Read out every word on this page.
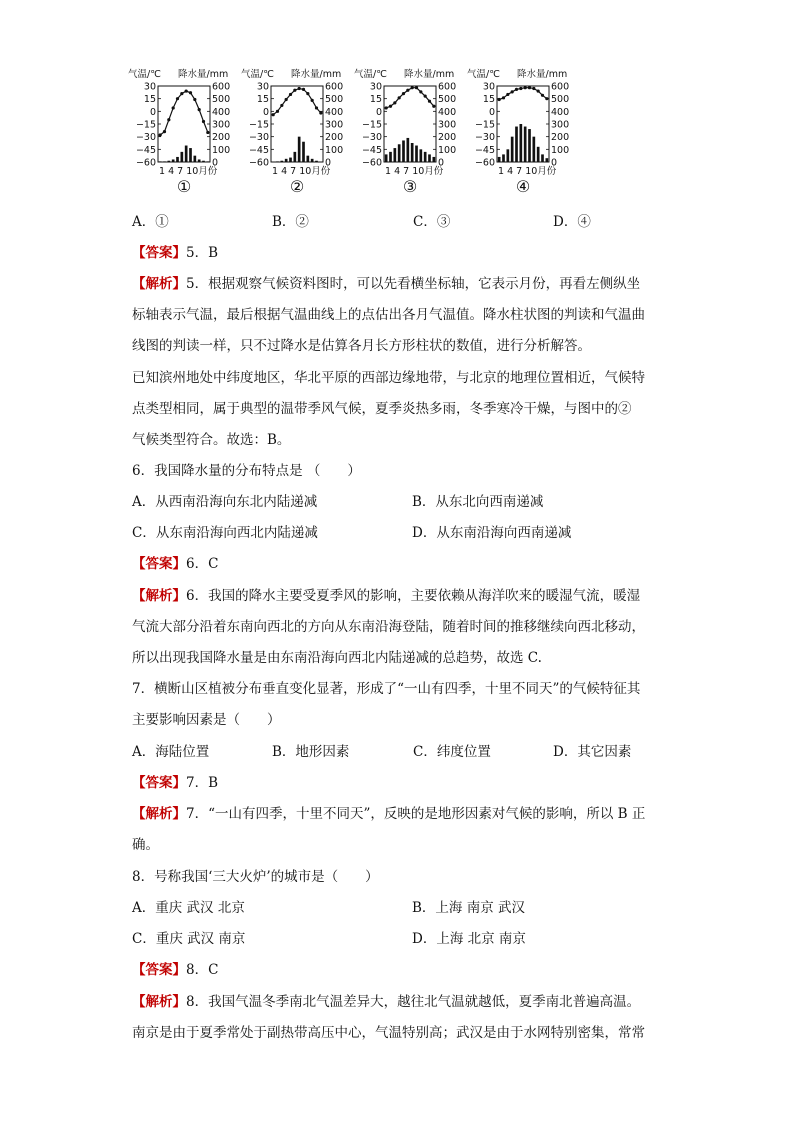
气温/℃ 降水量/mm
30
15
0
−15
−30
−45
−60
600
500
400
300
200
100
0
1 4 7 10月份
①
气温/℃ 降水量/mm
30
15
0
−15
−30
−45
−60
600
500
400
300
200
100
0
1 4 7 10月份
②
气温/℃ 降水量/mm
30
15
0
−15
−30
−45
−60
600
500
400
300
200
100
0
1 4 7 10月份
③
气温/℃ 降水量/mm
30
15
0
−15
−30
−45
−60
600
500
400
300
200
100
0
1 4 7 10月份
④
A．①	B．②	C．③	D．④
【答案】5．B
【解析】5．根据观察气候资料图时，可以先看横坐标轴，它表示月份，再看左侧纵坐
标轴表示气温，最后根据气温曲线上的点估出各月气温值。降水柱状图的判读和气温曲
线图的判读一样，只不过降水是估算各月长方形柱状的数值，进行分析解答。
已知滨州地处中纬度地区，华北平原的西部边缘地带，与北京的地理位置相近，气候特
点类型相同，属于典型的温带季风气候，夏季炎热多雨，冬季寒冷干燥，与图中的②
气候类型符合。故选：B。
6．我国降水量的分布特点是 （　　）
A．从西南沿海向东北内陆递减	B．从东北向西南递减
C．从东南沿海向西北内陆递减	D．从东南沿海向西南递减
【答案】6．C
【解析】6．我国的降水主要受夏季风的影响，主要依赖从海洋吹来的暖湿气流，暖湿
气流大部分沿着东南向西北的方向从东南沿海登陆，随着时间的推移继续向西北移动，
所以出现我国降水量是由东南沿海向西北内陆递减的总趋势，故选 C.
7．横断山区植被分布垂直变化显著，形成了“一山有四季，十里不同天”的气候特征其
主要影响因素是（　　）
A．海陆位置	B．地形因素	C．纬度位置	D．其它因素
【答案】7．B
【解析】7．“一山有四季，十里不同天”，反映的是地形因素对气候的影响，所以 B 正
确。
8．号称我国‘三大火炉’的城市是（　　）
A．重庆 武汉 北京	B．上海 南京 武汉
C．重庆 武汉 南京	D．上海 北京 南京
【答案】8．C
【解析】8．我国气温冬季南北气温差异大，越往北气温就越低，夏季南北普遍高温。
南京是由于夏季常处于副热带高压中心，气温特别高；武汉是由于水网特别密集，常常
